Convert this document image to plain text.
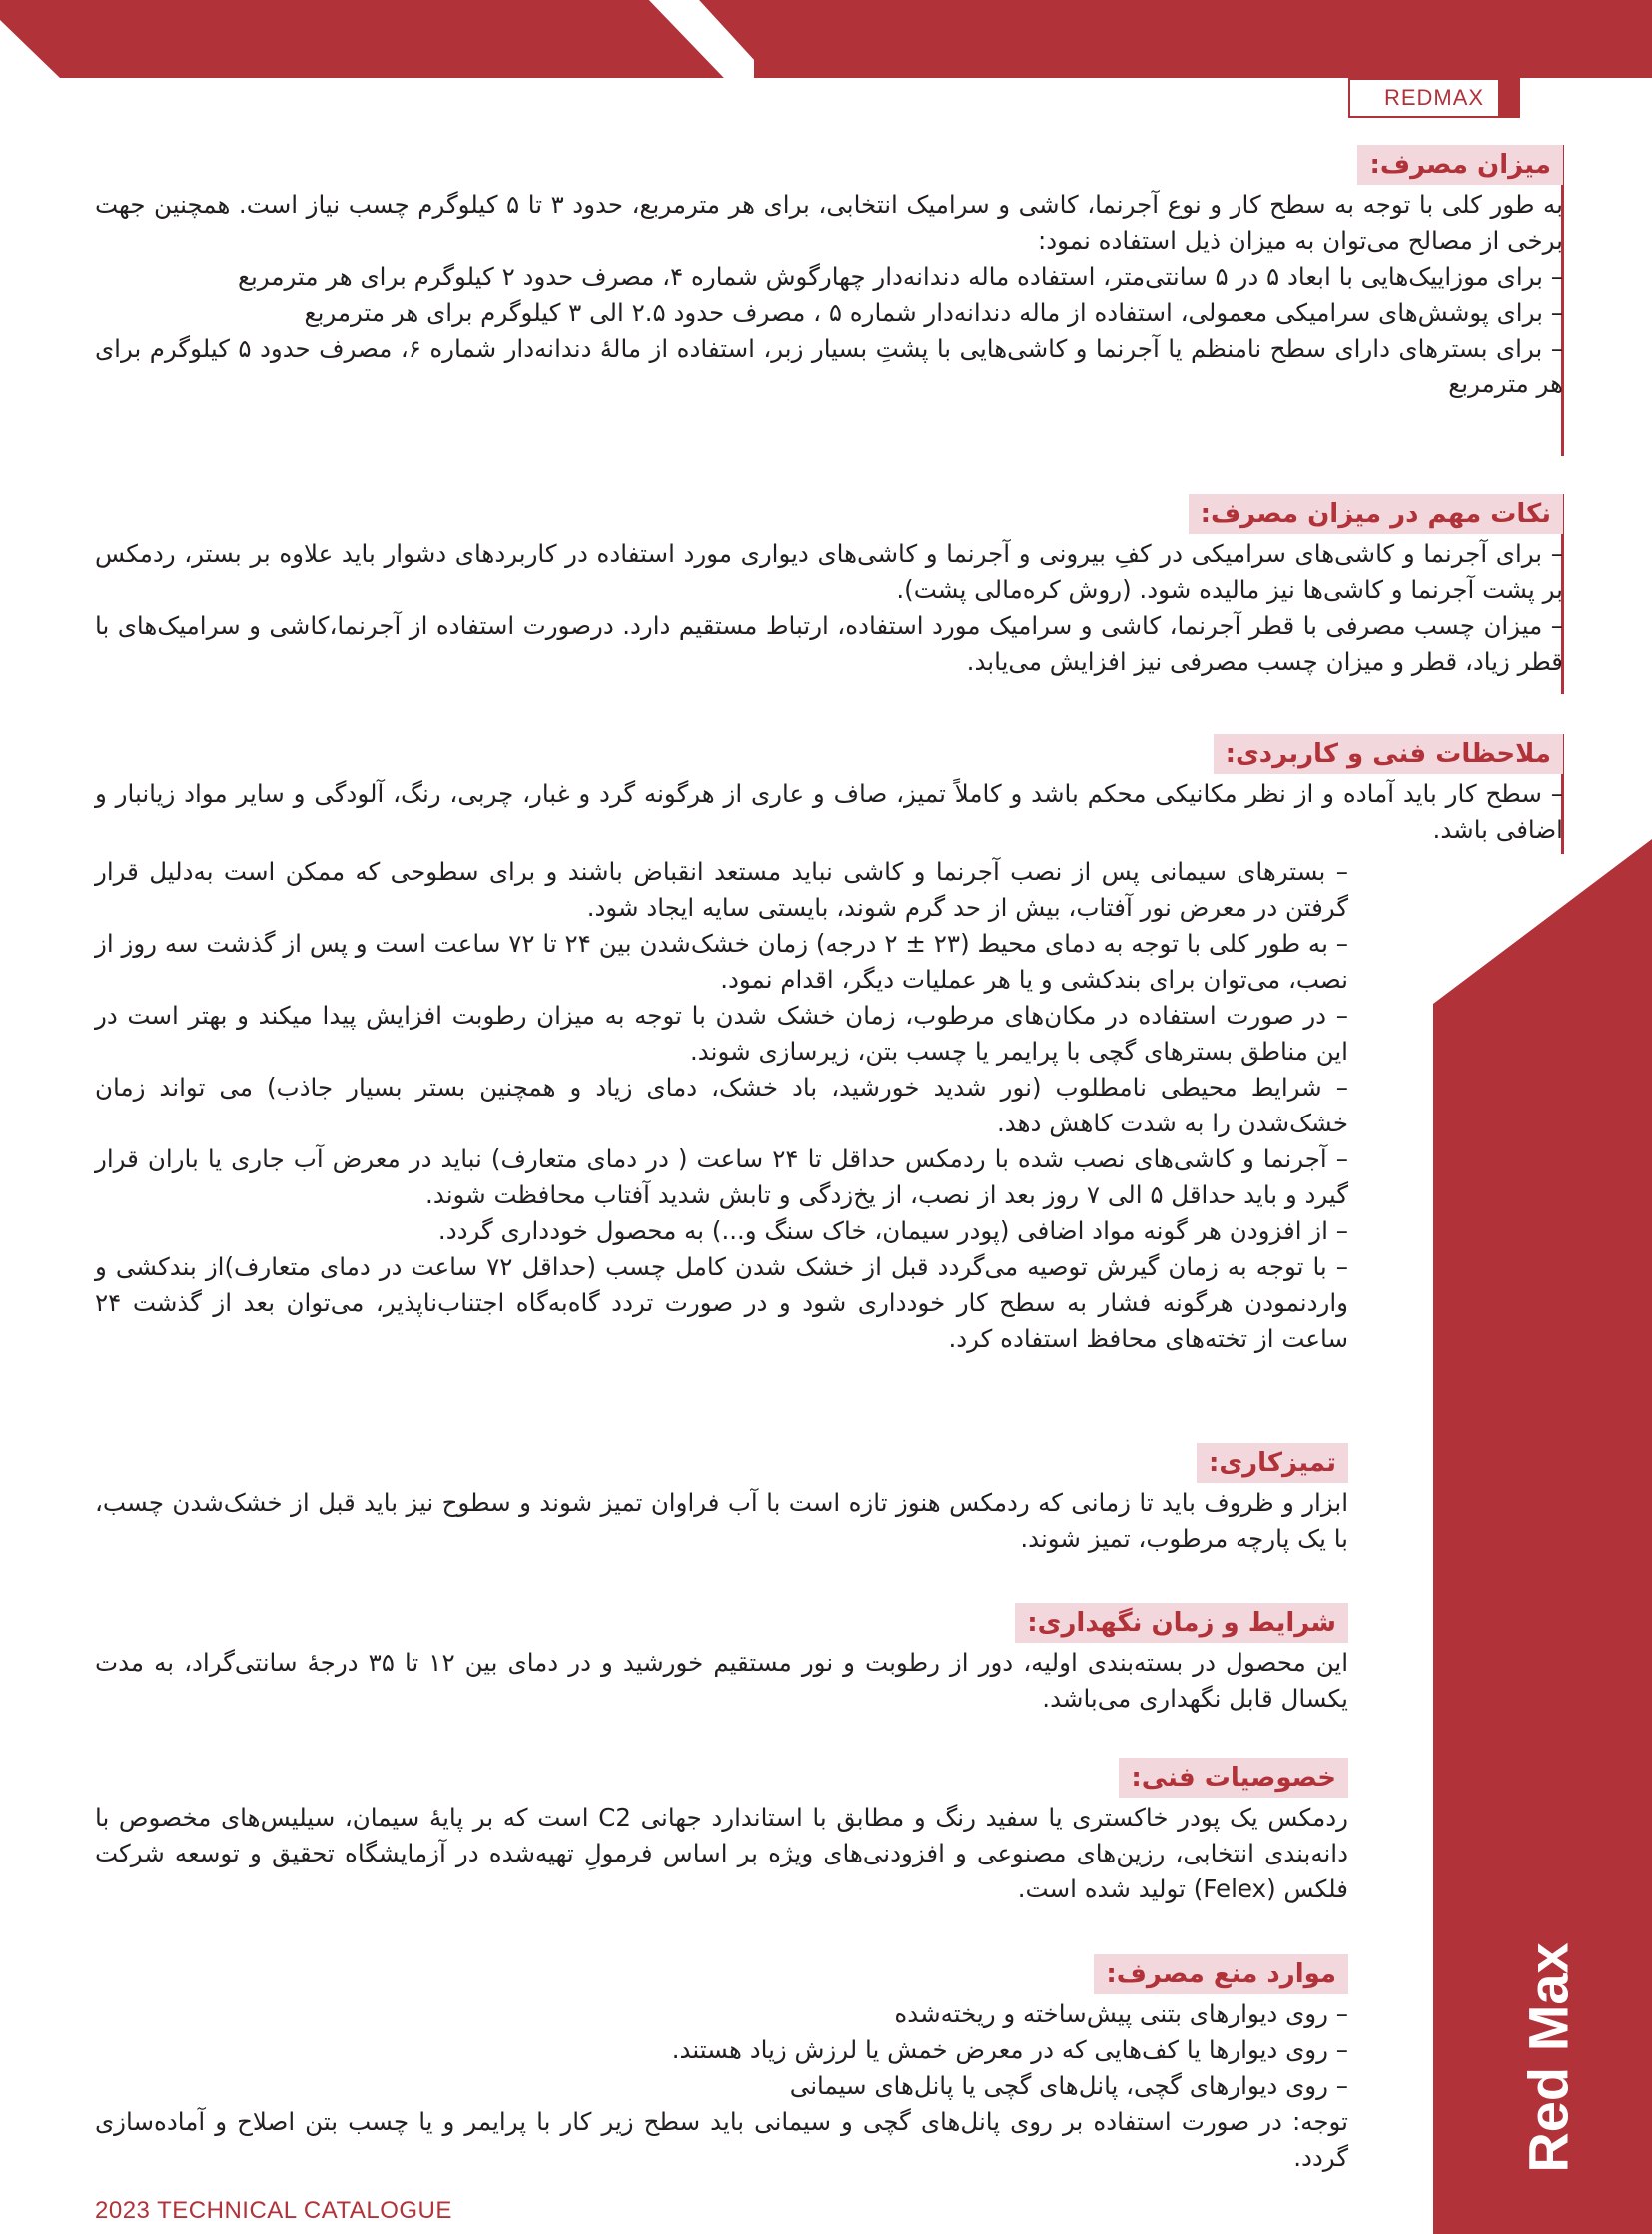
REDMAX
Red Max
میزان مصرف:

به طور کلی با توجه به سطح کار و نوع آجرنما، کاشی و سرامیک انتخابی، برای هر مترمربع، حدود ۳ تا ۵ کیلوگرم چسب نیاز است. همچنین جهت برخی از مصالح می‌توان به میزان ذیل استفاده نمود:

– برای موزاییک‌هایی با ابعاد ۵ در ۵ سانتی‌متر، استفاده ماله دندانه‌دار چهارگوش شماره ۴، مصرف حدود ۲ کیلوگرم برای هر مترمربع

– برای پوشش‌های سرامیکی معمولی، استفاده از ماله دندانه‌دار شماره ۵ ، مصرف حدود ۲.۵ الی ۳ کیلوگرم برای هر مترمربع

– برای بسترهای دارای سطح نامنظم یا آجرنما و کاشی‌هایی با پشتِ بسیار زبر، استفاده از مالۀ دندانه‌دار شماره ۶، مصرف حدود ۵ کیلوگرم برای هر مترمربع

نکات مهم در میزان مصرف:

– برای آجرنما و کاشی‌های سرامیکی در کفِ بیرونی و آجرنما و کاشی‌های دیواری مورد استفاده در کاربردهای دشوار باید علاوه بر بستر، ردمکس بر پشت آجرنما و کاشی‌ها نیز مالیده شود. (روش کره‌مالی پشت).

– میزان چسب مصرفی با قطر آجرنما، کاشی و سرامیک مورد استفاده، ارتباط مستقیم دارد. درصورت استفاده از آجرنما،کاشی و سرامیک‌های با قطر زیاد، قطر و میزان چسب مصرفی نیز افزایش می‌یابد.

ملاحظات فنی و کاربردی:

– سطح کار باید آماده و از نظر مکانیکی محکم باشد و کاملاً تمیز، صاف و عاری از هرگونه گرد و غبار، چربی، رنگ، آلودگی و سایر مواد زیانبار و اضافی باشد.

– بسترهای سیمانی پس از نصب آجرنما و کاشی نباید مستعد انقباض باشند و برای سطوحی که ممکن است به‌دلیل قرار گرفتن در معرض نور آفتاب، بیش از حد گرم شوند، بایستی سایه ایجاد شود.

– به طور کلی با توجه به دمای محیط (۲۳ ± ۲ درجه) زمان خشک‌شدن بین ۲۴ تا ۷۲ ساعت است و پس از گذشت سه روز از نصب، می‌توان برای بندکشی و یا هر عملیات دیگر، اقدام نمود.

– در صورت استفاده در مکان‌های مرطوب، زمان خشک شدن با توجه به میزان رطوبت افزایش پیدا میکند و بهتر است در این مناطق بسترهای گچی با پرایمر یا چسب بتن، زیرسازی شوند.

– شرایط محیطی نامطلوب (نور شدید خورشید، باد خشک، دمای زیاد و همچنین بستر بسیار جاذب) می تواند زمان خشک‌شدن را به شدت کاهش دهد.

– آجرنما و کاشی‌های نصب شده با ردمکس حداقل تا ۲۴ ساعت ( در دمای متعارف) نباید در معرض آب جاری یا باران قرار گیرد و باید حداقل ۵ الی ۷ روز بعد از نصب، از یخ‌زدگی و تابش شدید آفتاب محافظت شوند.

– از افزودن هر گونه مواد اضافی (پودر سیمان، خاک سنگ و...) به محصول خودداری گردد.

– با توجه به زمان گیرش توصیه می‌گردد قبل از خشک شدن کامل چسب (حداقل ۷۲ ساعت در دمای متعارف)از بندکشی و واردنمودن هرگونه فشار به سطح کار خودداری شود و در صورت تردد گاه‌به‌گاه اجتناب‌ناپذیر، می‌توان بعد از گذشت ۲۴ ساعت از تخته‌های محافظ استفاده کرد.

تمیزکاری:

ابزار و ظروف باید تا زمانی که ردمکس هنوز تازه است با آب فراوان تمیز شوند و سطوح نیز باید قبل از خشک‌شدن چسب، با یک پارچه مرطوب، تمیز شوند.

شرایط و زمان نگهداری:

این محصول در بسته‌بندی اولیه، دور از رطوبت و نور مستقیم خورشید و در دمای بین ۱۲ تا ۳۵ درجۀ سانتی‌گراد، به مدت یکسال قابل نگهداری می‌باشد.

خصوصیات فنی:

ردمکس یک پودر خاکستری یا سفید رنگ و مطابق با استاندارد جهانی C2 است که بر پایۀ سیمان، سیلیس‌های مخصوص با دانه‌بندی انتخابی، رزین‌های مصنوعی و افزودنی‌های ویژه بر اساس فرمولِ تهیه‌شده در آزمایشگاه تحقیق و توسعه شرکت فلکس (Felex) تولید شده است.

موارد منع مصرف:

– روی دیوارهای بتنی پیش‌ساخته و ریخته‌شده

– روی دیوارها یا کف‌هایی که در معرض خمش یا لرزش زیاد هستند.

– روی دیوارهای گچی، پانل‌های گچی یا پانل‌های سیمانی

توجه: در صورت استفاده بر روی پانل‌های گچی و سیمانی باید سطح زیر کار با پرایمر و یا چسب بتن اصلاح و آماده‌سازی گردد.

2023 TECHNICAL CATALOGUE
